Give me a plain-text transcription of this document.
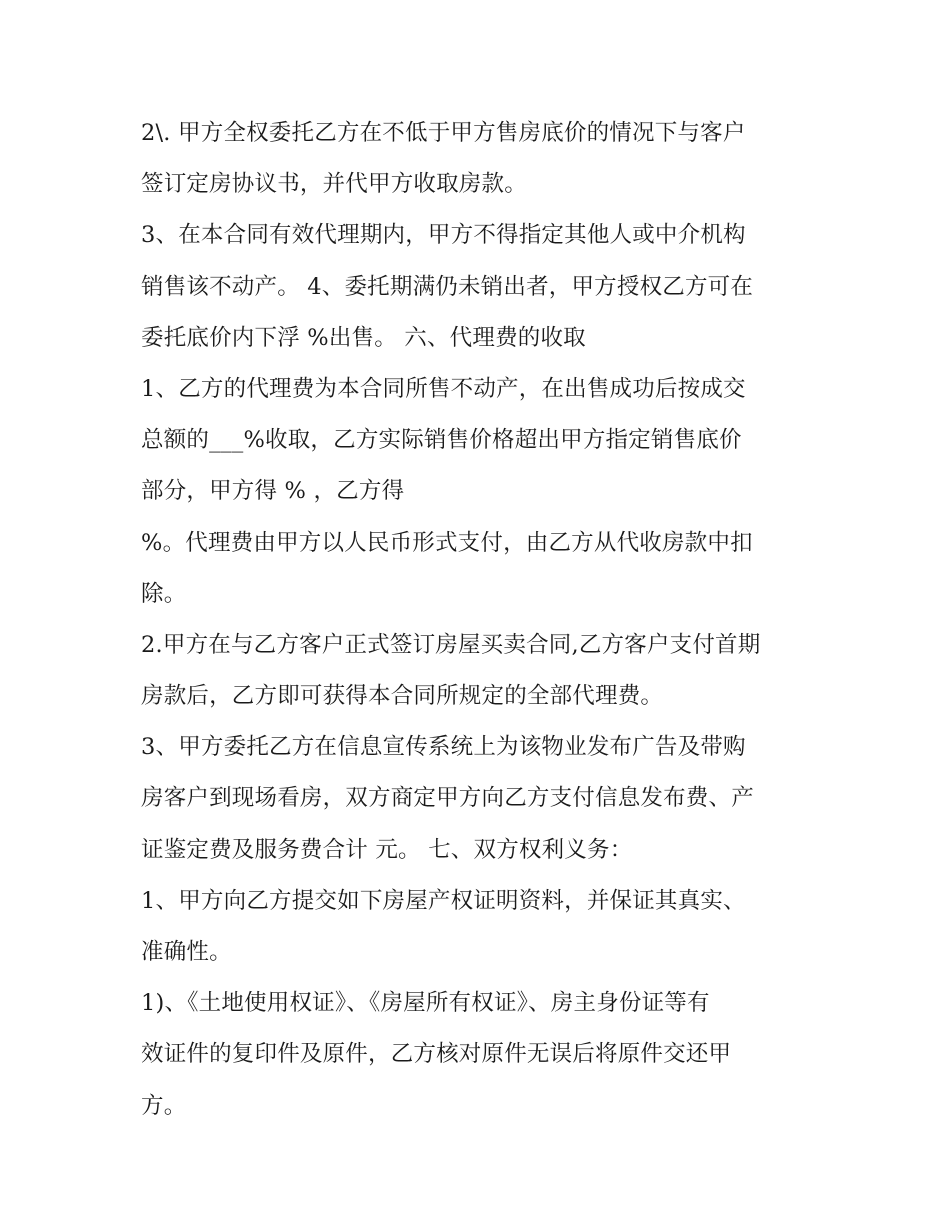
2\. 甲方全权委托乙方在不低于甲方售房底价的情况下与客户
签订定房协议书，并代甲方收取房款。
3、在本合同有效代理期内，甲方不得指定其他人或中介机构
销售该不动产。 4、委托期满仍未销出者，甲方授权乙方可在
委托底价内下浮 %出售。 六、代理费的收取
1、乙方的代理费为本合同所售不动产，在出售成功后按成交
总额的___%收取，乙方实际销售价格超出甲方指定销售底价
部分，甲方得 % ，乙方得
%。代理费由甲方以人民币形式支付，由乙方从代收房款中扣
除。
2.甲方在与乙方客户正式签订房屋买卖合同,乙方客户支付首期
房款后，乙方即可获得本合同所规定的全部代理费。
3、甲方委托乙方在信息宣传系统上为该物业发布广告及带购
房客户到现场看房，双方商定甲方向乙方支付信息发布费、产
证鉴定费及服务费合计 元。 七、双方权利义务：
1、甲方向乙方提交如下房屋产权证明资料，并保证其真实、
准确性。
1)、《土地使用权证》、《房屋所有权证》、房主身份证等有
效证件的复印件及原件，乙方核对原件无误后将原件交还甲
方。
